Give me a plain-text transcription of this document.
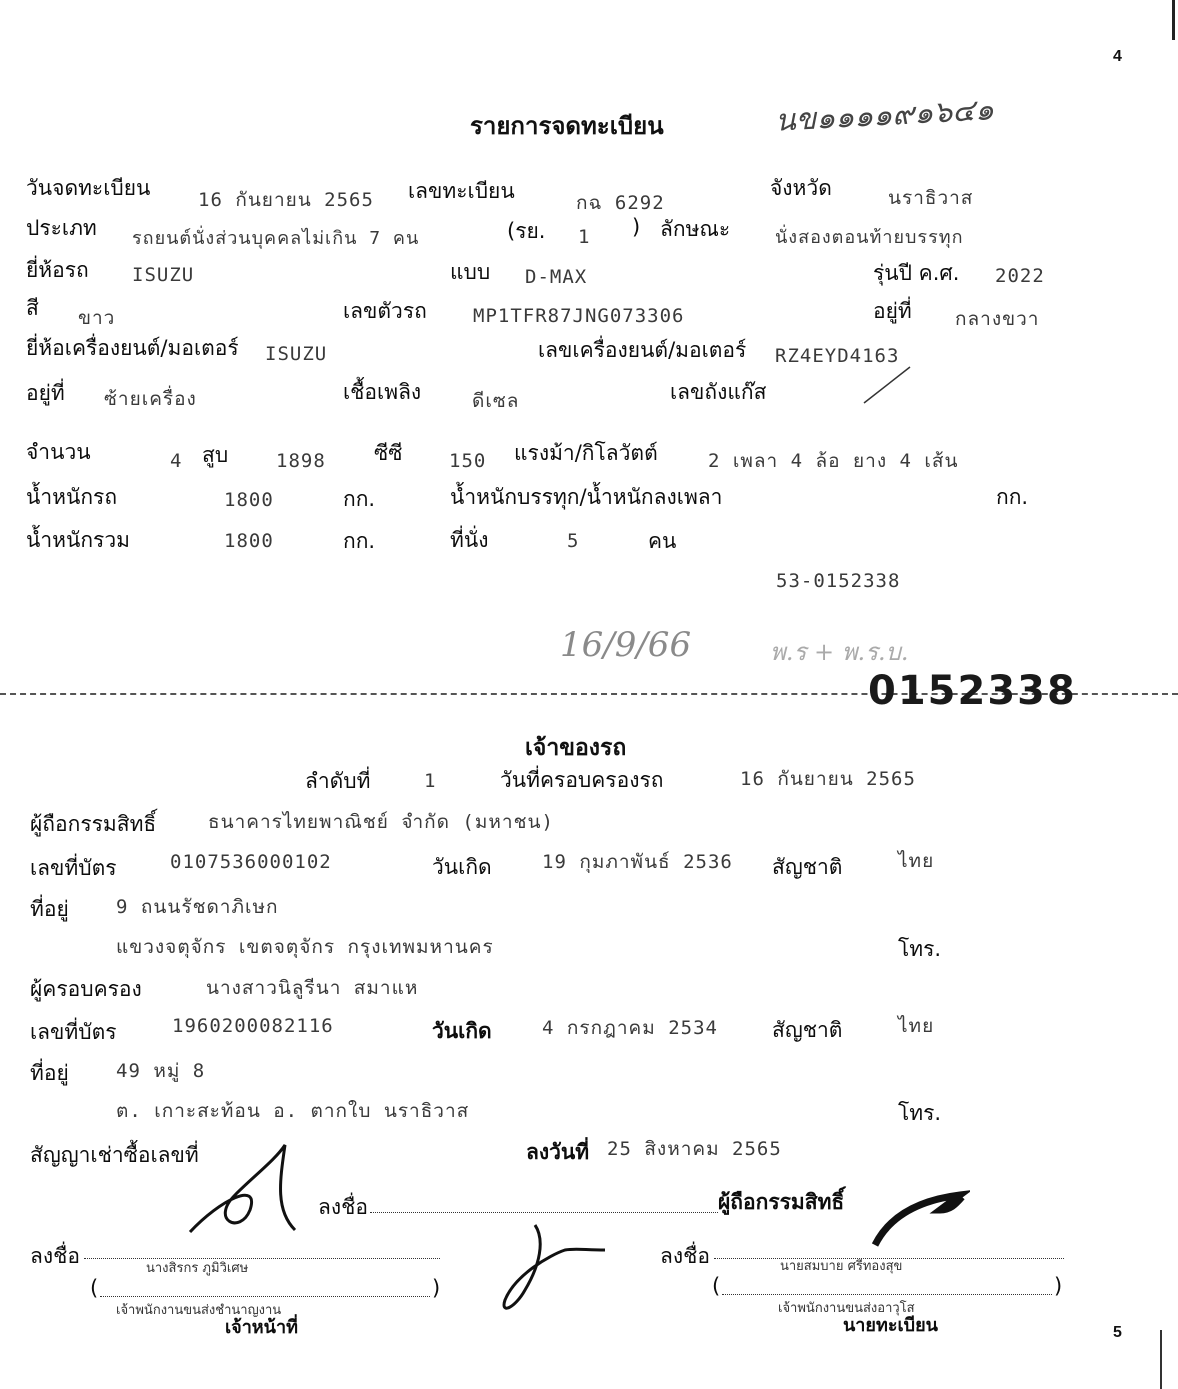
4
5
รายการจดทะเบียน	นข๑๑๑๑๙๑๖๔๑
วันจดทะเบียน	16 กันยายน 2565 เลขทะเบียน	กฉ 6292
จังหวัด	นราธิวาส
ประเภท รถยนต์นั่งส่วนบุคคลไม่เกิน 7 คน	(รย. 1 ) ลักษณะ นั่งสองตอนท้ายบรรทุก
ยี่ห้อรถ ISUZU	แบบ D-MAX	รุ่นปี ค.ศ. 2022
สี ขาว	เลขตัวรถ MP1TFR87JNG073306	อยู่ที่ กลางขวา
ยี่ห้อเครื่องยนต์/มอเตอร์ ISUZU	เลขเครื่องยนต์/มอเตอร์ RZ4EYD4163
อยู่ที่ ซ้ายเครื่อง	เชื้อเพลิง	ดีเซล	เลขถังแก๊ส
จำนวน	4 สูบ	1898 ซีซี 150 แรงม้า/กิโลวัตต์	2 เพลา 4 ล้อ ยาง 4 เส้น
น้ำหนักรถ	1800	กก.	น้ำหนักบรรทุก/น้ำหนักลงเพลา	กก.
น้ำหนักรวม	1800	กก.	ที่นั่ง	5	คน
53-0152338
16/9/66	พ.ร + พ.ร.บ.
0152338
เจ้าของรถ
ลำดับที่	1	วันที่ครอบครองรถ	16 กันยายน 2565
ผู้ถือกรรมสิทธิ์	ธนาคารไทยพาณิชย์ จำกัด (มหาชน)
เลขที่บัตร	0107536000102	วันเกิด	19 กุมภาพันธ์ 2536 สัญชาติ	ไทย
ที่อยู่ 9 ถนนรัชดาภิเษก
แขวงจตุจักร เขตจตุจักร กรุงเทพมหานคร	โทร.
ผู้ครอบครอง	นางสาวนิลูรีนา สมาแห
เลขที่บัตร	1960200082116	วันเกิด	4 กรกฎาคม 2534	สัญชาติ	ไทย
ที่อยู่ 49 หมู่ 8
ต. เกาะสะท้อน อ. ตากใบ นราธิวาส	โทร.
สัญญาเช่าซื้อเลขที่	ลงวันที่ 25 สิงหาคม 2565
ลงชื่อ	ผู้ถือกรรมสิทธิ์
ลงชื่อ
นางสิรกร ภูมิวิเศษ
(	)
เจ้าพนักงานขนส่งชำนาญงาน
เจ้าหน้าที่
ลงชื่อ	นายสมบาย ศรีทองสุข
(	)
เจ้าพนักงานขนส่งอาวุโส
นายทะเบียน
